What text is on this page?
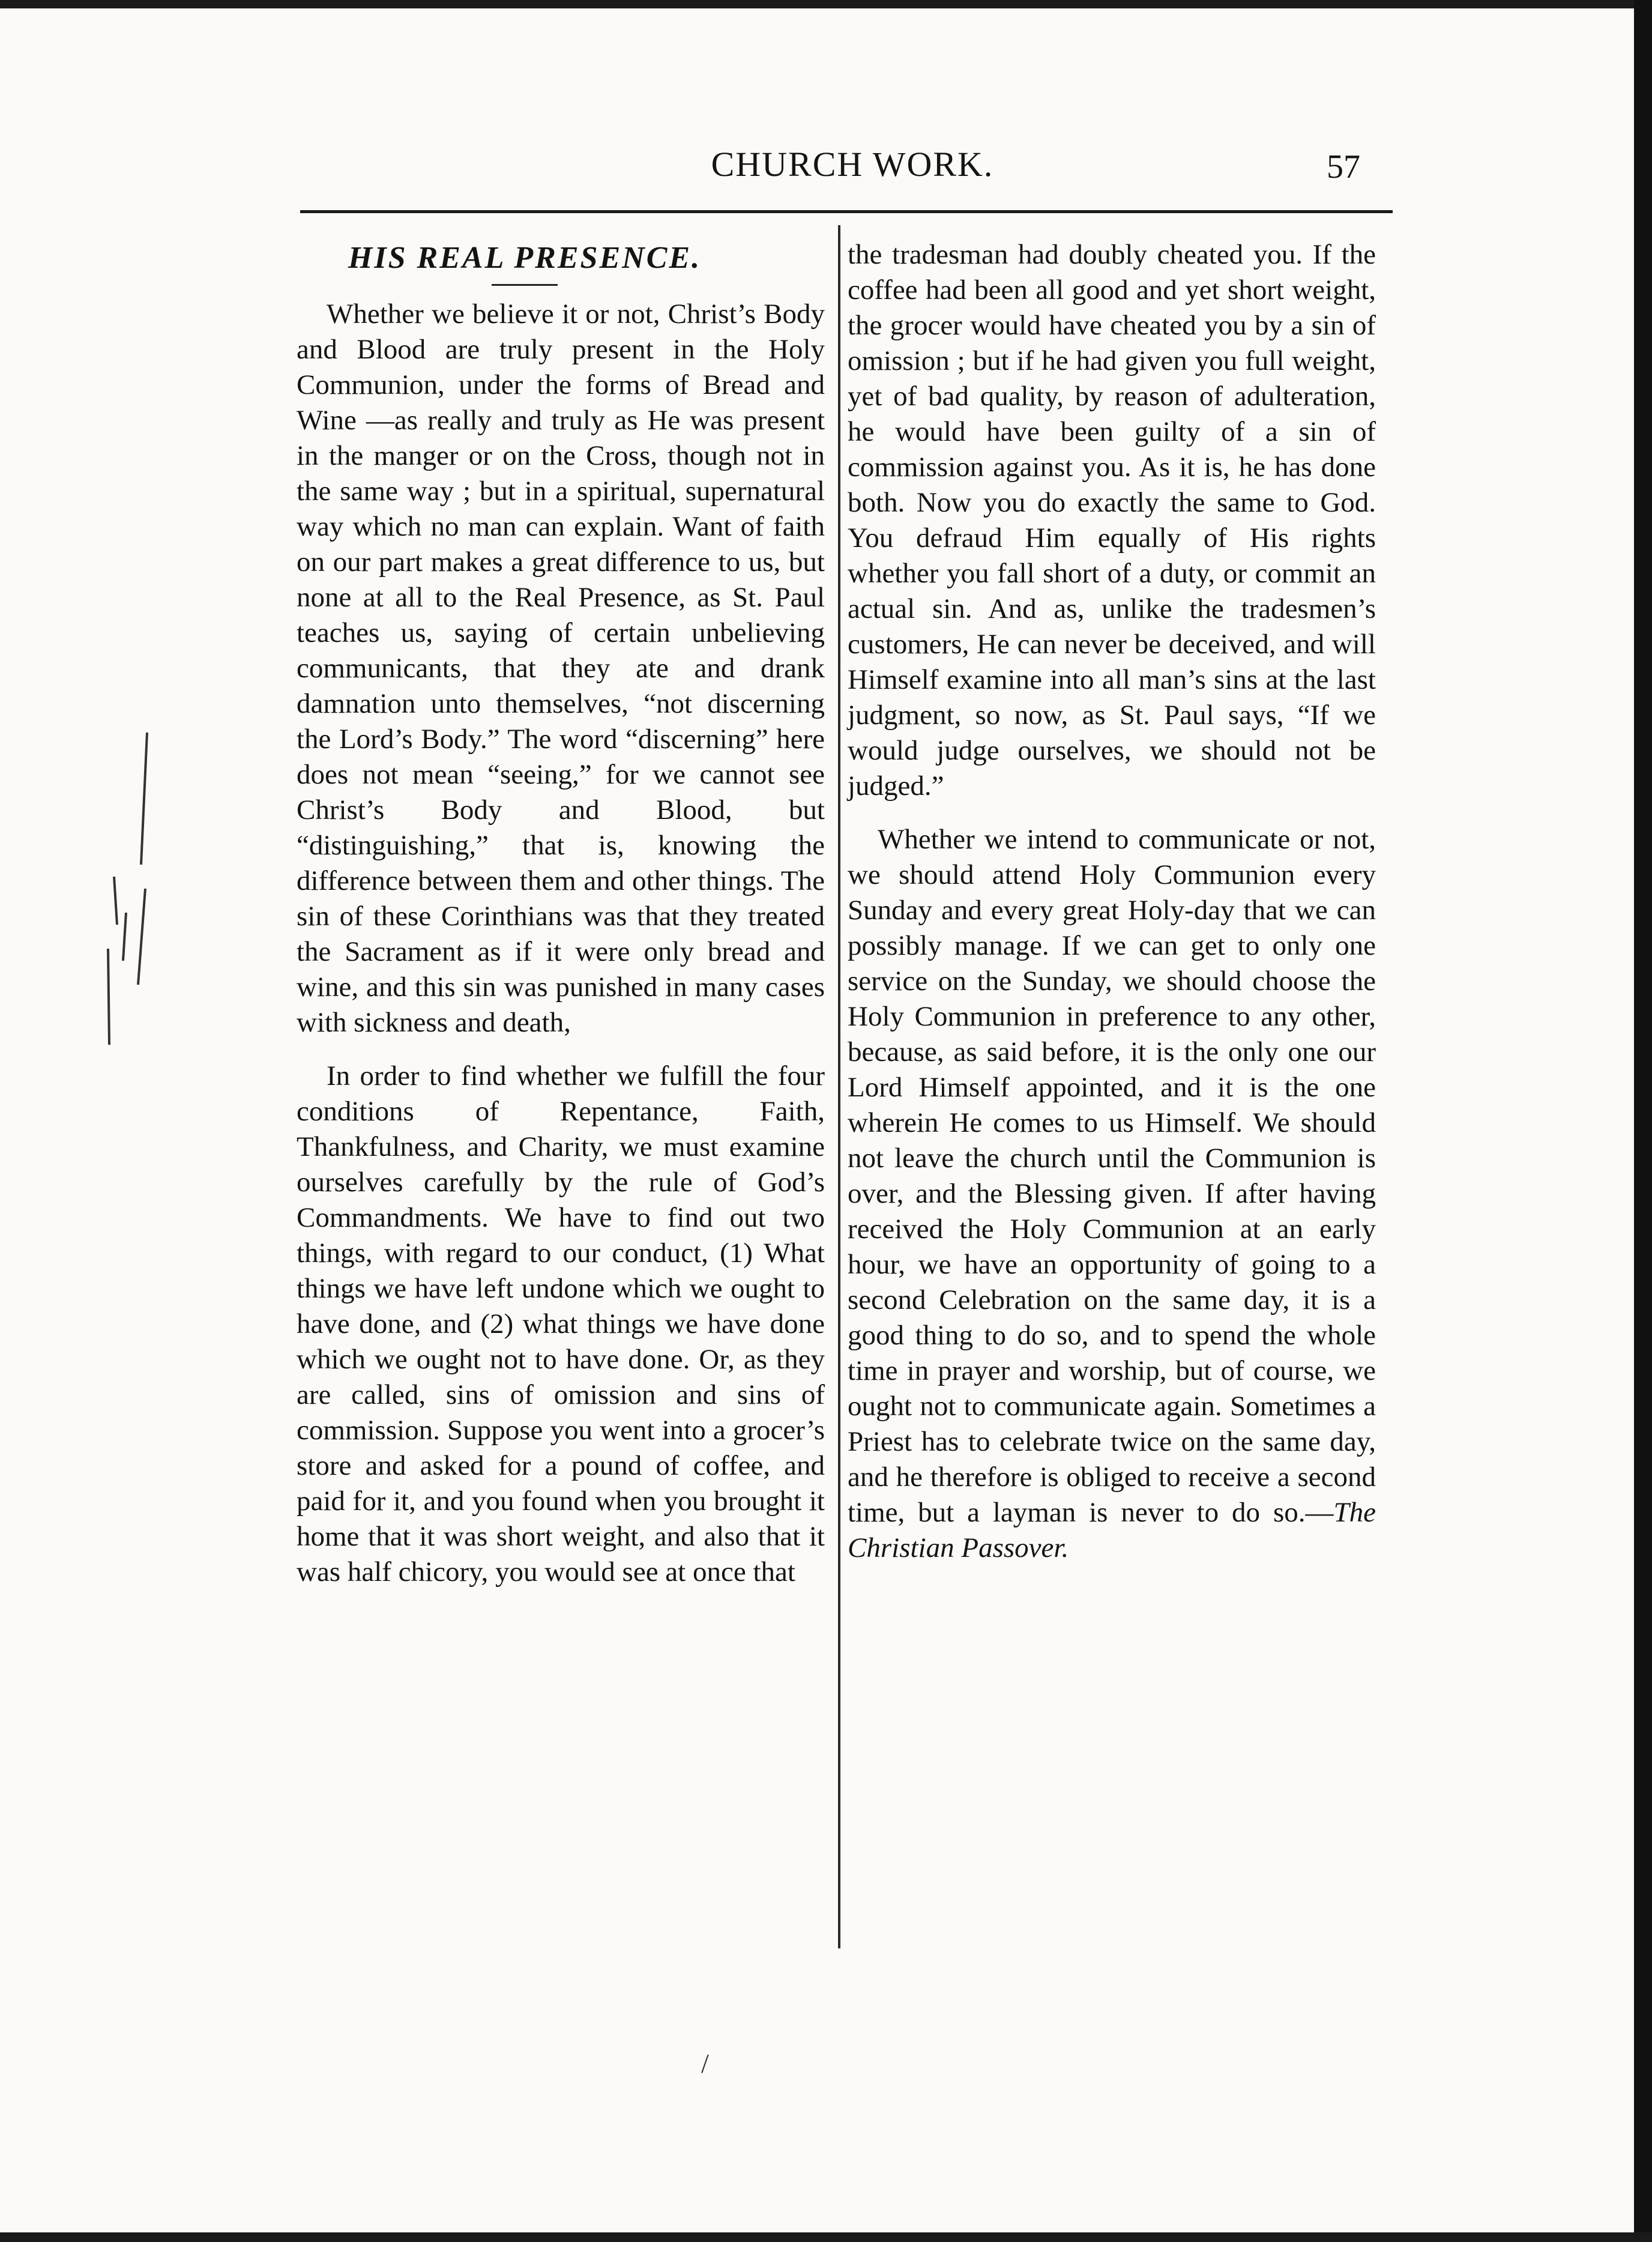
CHURCH WORK.	57
HIS REAL PRESENCE.

Whether we believe it or not, Christ’s Body and Blood are truly present in the Holy Communion, under the forms of Bread and Wine —as really and truly as He was present in the manger or on the Cross, though not in the same way ; but in a spiritual, supernatural way which no man can explain. Want of faith on our part makes a great difference to us, but none at all to the Real Presence, as St. Paul teaches us, saying of certain unbelieving communicants, that they ate and drank damnation unto themselves, “not discerning the Lord’s Body.” The word “discerning” here does not mean “seeing,” for we cannot see Christ’s Body and Blood, but “distinguishing,” that is, knowing the difference between them and other things. The sin of these Corinthians was that they treated the Sacrament as if it were only bread and wine, and this sin was punished in many cases with sickness and death,

In order to find whether we fulfill the four conditions of Repentance, Faith, Thankfulness, and Charity, we must examine ourselves carefully by the rule of God’s Commandments. We have to find out two things, with regard to our conduct, (1) What things we have left undone which we ought to have done, and (2) what things we have done which we ought not to have done. Or, as they are called, sins of omission and sins of commission. Suppose you went into a grocer’s store and asked for a pound of coffee, and paid for it, and you found when you brought it home that it was short weight, and also that it was half chicory, you would see at once that

the tradesman had doubly cheated you. If the coffee had been all good and yet short weight, the grocer would have cheated you by a sin of omission ; but if he had given you full weight, yet of bad quality, by reason of adulteration, he would have been guilty of a sin of commission against you. As it is, he has done both. Now you do exactly the same to God. You defraud Him equally of His rights whether you fall short of a duty, or commit an actual sin. And as, unlike the tradesmen’s customers, He can never be deceived, and will Himself examine into all man’s sins at the last judgment, so now, as St. Paul says, “If we would judge ourselves, we should not be judged.”

Whether we intend to communicate or not, we should attend Holy Communion every Sunday and every great Holy-day that we can possibly manage. If we can get to only one service on the Sunday, we should choose the Holy Communion in preference to any other, because, as said before, it is the only one our Lord Himself appointed, and it is the one wherein He comes to us Himself. We should not leave the church until the Communion is over, and the Blessing given. If after having received the Holy Communion at an early hour, we have an opportunity of going to a second Celebration on the same day, it is a good thing to do so, and to spend the whole time in prayer and worship, but of course, we ought not to communicate again. Sometimes a Priest has to celebrate twice on the same day, and he therefore is obliged to receive a second time, but a layman is never to do so.—The Christian Passover.

/
